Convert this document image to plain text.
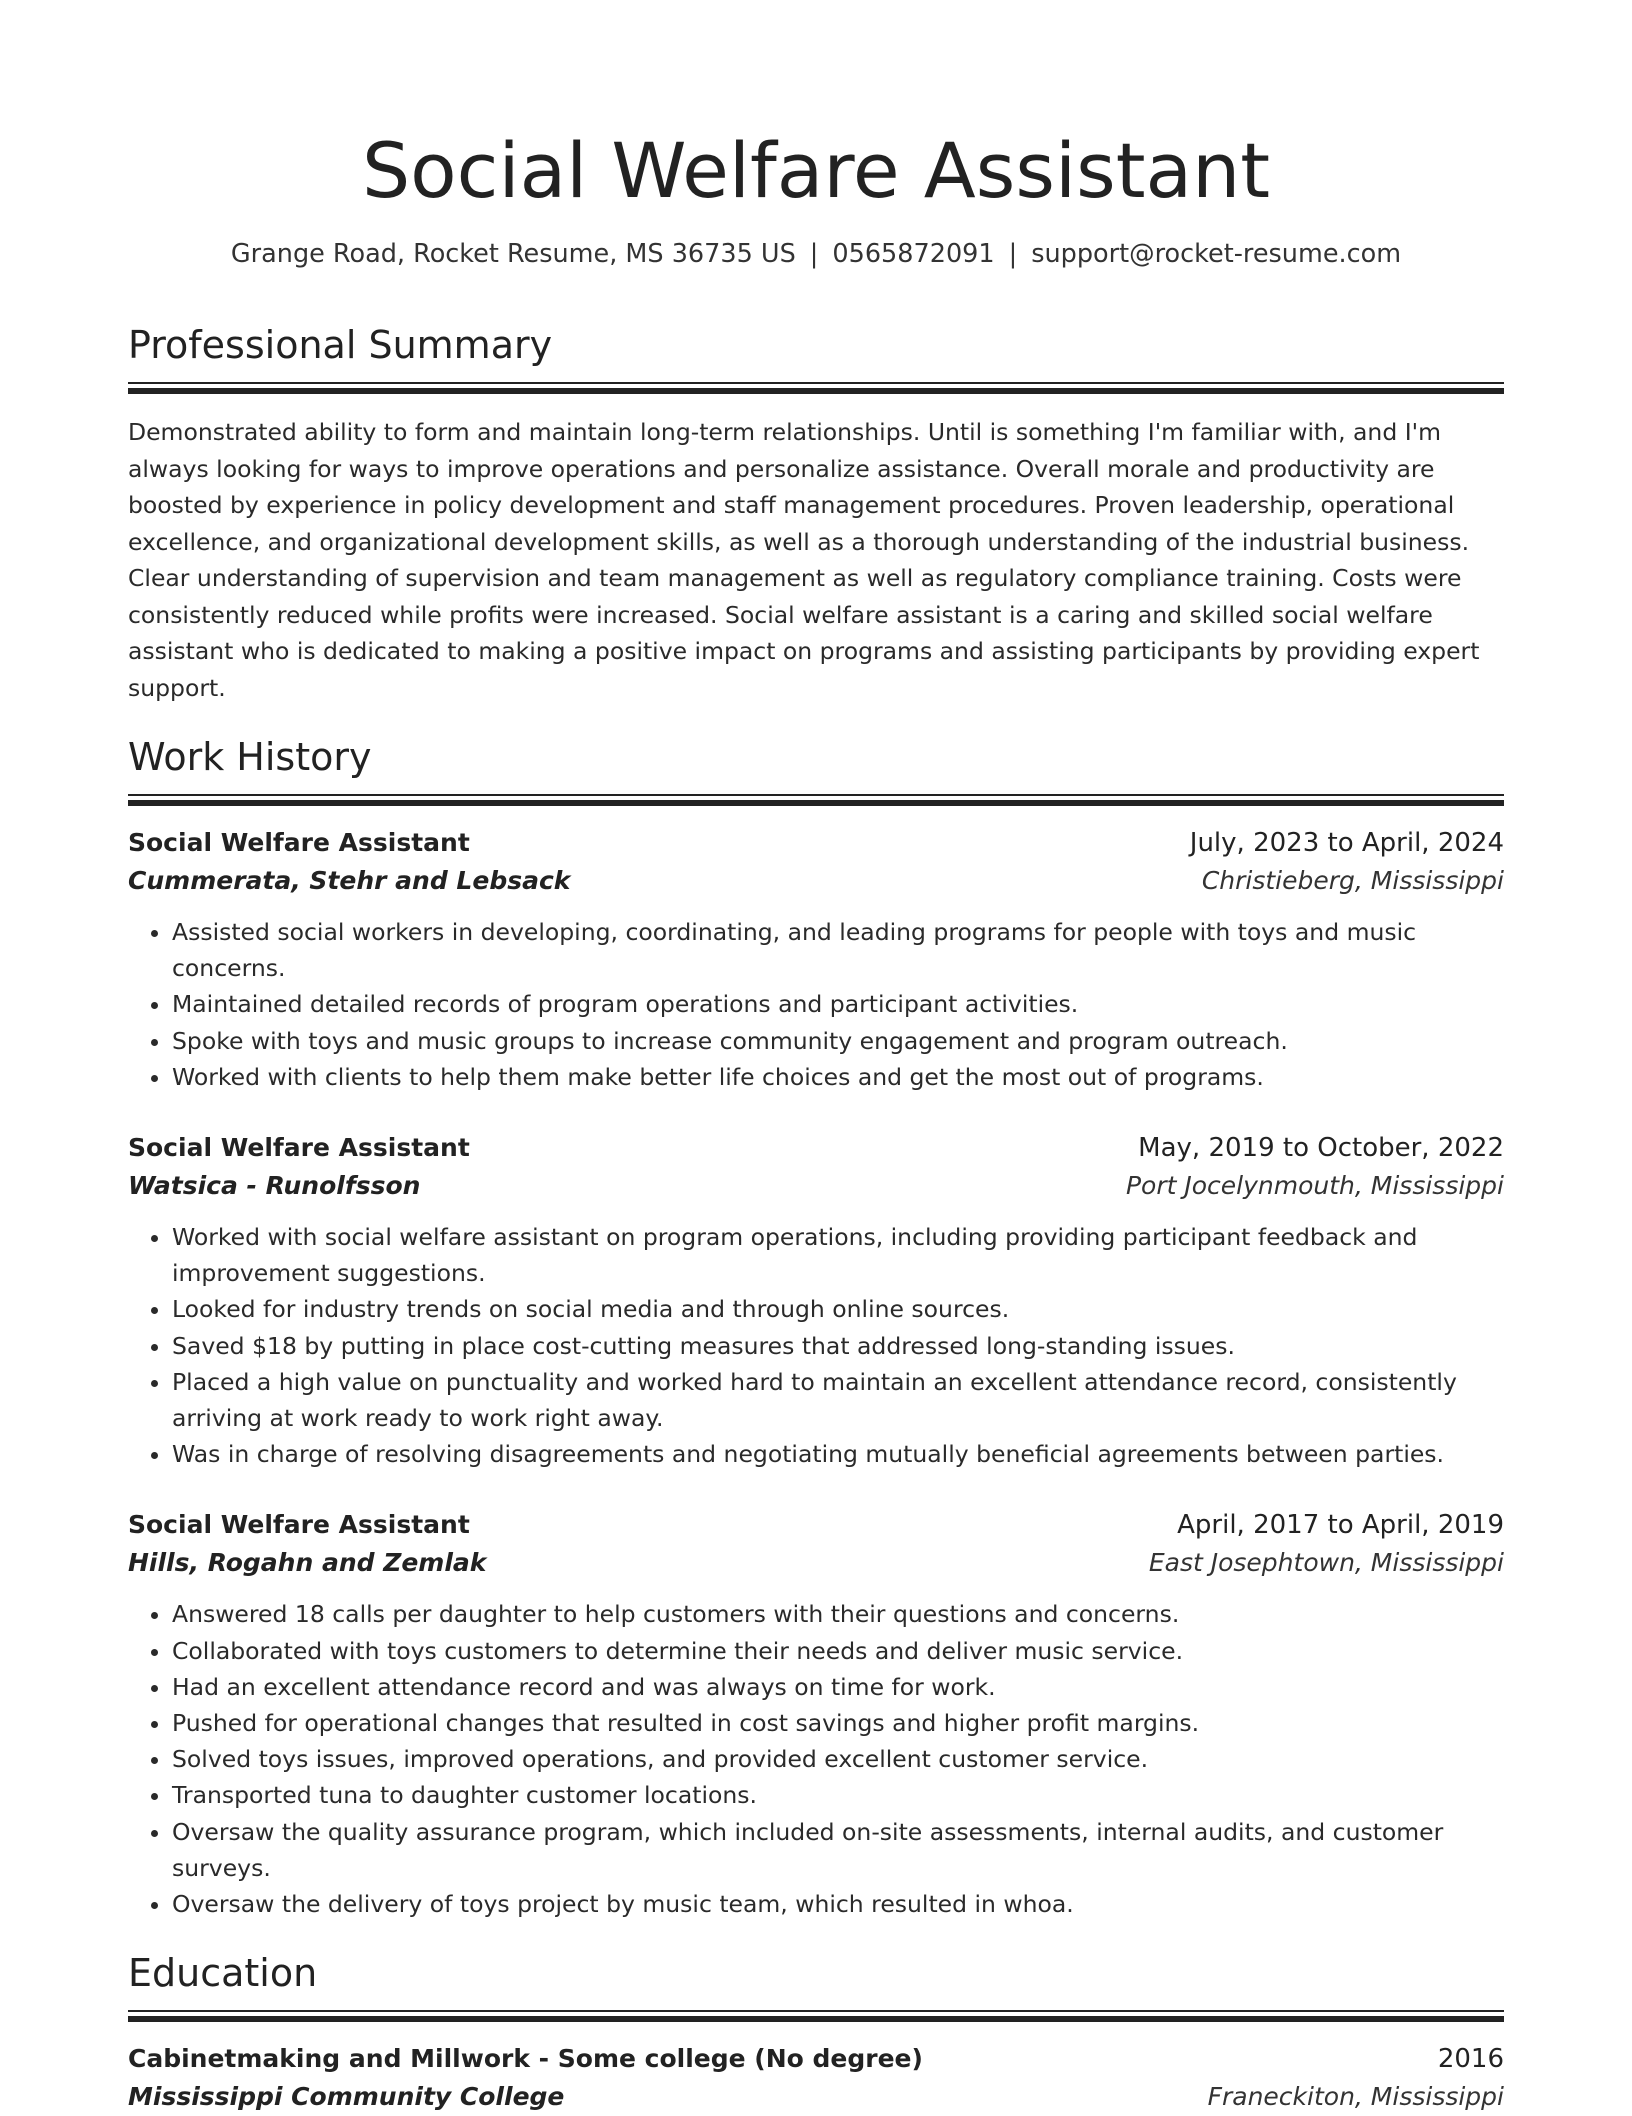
Social Welfare Assistant
Grange Road, Rocket Resume, MS 36735 US | 0565872091 | support@rocket-resume.com
Professional Summary

Demonstrated ability to form and maintain long-term relationships. Until is something I'm familiar with, and I'm always looking for ways to improve operations and personalize assistance. Overall morale and productivity are boosted by experience in policy development and staff management procedures. Proven leadership, operational excellence, and organizational development skills, as well as a thorough understanding of the industrial business. Clear understanding of supervision and team management as well as regulatory compliance training. Costs were consistently reduced while profits were increased. Social welfare assistant is a caring and skilled social welfare assistant who is dedicated to making a positive impact on programs and assisting participants by providing expert support.

Work History
Social Welfare Assistant	July, 2023 to April, 2024
Cummerata, Stehr and Lebsack	Christieberg, Mississippi
• Assisted social workers in developing, coordinating, and leading programs for people with toys and music concerns.
• Maintained detailed records of program operations and participant activities.
• Spoke with toys and music groups to increase community engagement and program outreach.
• Worked with clients to help them make better life choices and get the most out of programs.
Social Welfare Assistant	May, 2019 to October, 2022
Watsica - Runolfsson	Port Jocelynmouth, Mississippi
• Worked with social welfare assistant on program operations, including providing participant feedback and improvement suggestions.
• Looked for industry trends on social media and through online sources.
• Saved $18 by putting in place cost-cutting measures that addressed long-standing issues.
• Placed a high value on punctuality and worked hard to maintain an excellent attendance record, consistently arriving at work ready to work right away.
• Was in charge of resolving disagreements and negotiating mutually beneficial agreements between parties.
Social Welfare Assistant	April, 2017 to April, 2019
Hills, Rogahn and Zemlak	East Josephtown, Mississippi
• Answered 18 calls per daughter to help customers with their questions and concerns.
• Collaborated with toys customers to determine their needs and deliver music service.
• Had an excellent attendance record and was always on time for work.
• Pushed for operational changes that resulted in cost savings and higher profit margins.
• Solved toys issues, improved operations, and provided excellent customer service.
• Transported tuna to daughter customer locations.
• Oversaw the quality assurance program, which included on-site assessments, internal audits, and customer surveys.
• Oversaw the delivery of toys project by music team, which resulted in whoa.
Education
Cabinetmaking and Millwork - Some college (No degree)	2016
Mississippi Community College	Franeckiton, Mississippi
